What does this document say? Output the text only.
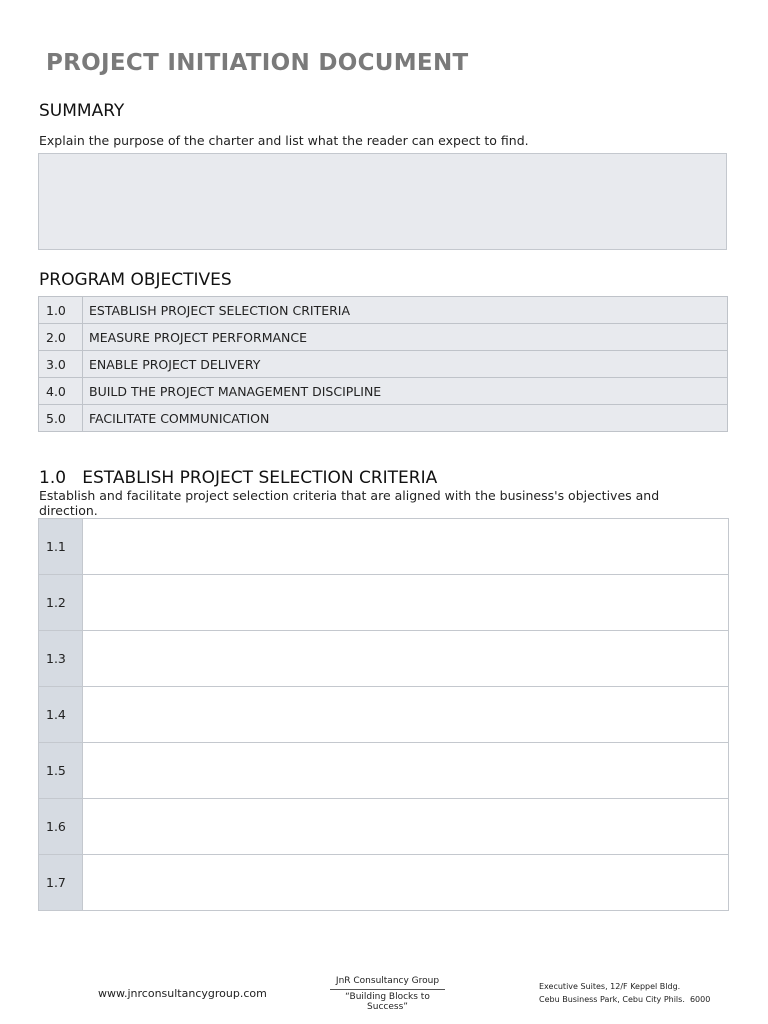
PROJECT INITIATION DOCUMENT
SUMMARY
Explain the purpose of the charter and list what the reader can expect to find.
PROGRAM OBJECTIVES
1.0	ESTABLISH PROJECT SELECTION CRITERIA
2.0	MEASURE PROJECT PERFORMANCE
3.0	ENABLE PROJECT DELIVERY
4.0	BUILD THE PROJECT MANAGEMENT DISCIPLINE
5.0	FACILITATE COMMUNICATION
1.0   ESTABLISH PROJECT SELECTION CRITERIA
Establish and facilitate project selection criteria that are aligned with the business's objectives and direction.
1.1	
1.2	
1.3	
1.4	
1.5	
1.6	
1.7	
www.jnrconsultancygroup.com
JnR Consultancy Group
“Building Blocks to Success”
Executive Suites, 12/F Keppel Bldg.
Cebu Business Park, Cebu City Phils.  6000
